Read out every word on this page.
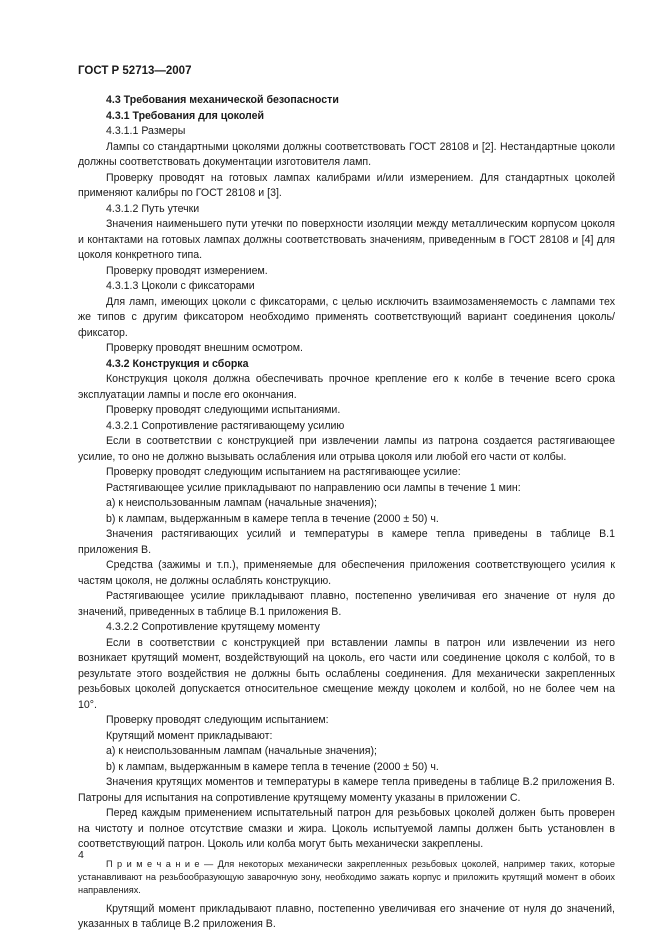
ГОСТ Р 52713—2007

4.3 Требования механической безопасности

4.3.1 Требования для цоколей

4.3.1.1 Размеры

Лампы со стандартными цоколями должны соответствовать ГОСТ 28108 и [2]. Нестандартные цоколи должны соответствовать документации изготовителя ламп.

Проверку проводят на готовых лампах калибрами и/или измерением. Для стандартных цоколей применяют калибры по ГОСТ 28108 и [3].

4.3.1.2 Путь утечки

Значения наименьшего пути утечки по поверхности изоляции между металлическим корпусом цоколя и контактами на готовых лампах должны соответствовать значениям, приведенным в ГОСТ 28108 и [4] для цоколя конкретного типа.

Проверку проводят измерением.

4.3.1.3 Цоколи с фиксаторами

Для ламп, имеющих цоколи с фиксаторами, с целью исключить взаимозаменяемость с лампами тех же типов с другим фиксатором необходимо применять соответствующий вариант соединения цоколь/фиксатор.

Проверку проводят внешним осмотром.

4.3.2 Конструкция и сборка

Конструкция цоколя должна обеспечивать прочное крепление его к колбе в течение всего срока эксплуатации лампы и после его окончания.

Проверку проводят следующими испытаниями.

4.3.2.1 Сопротивление растягивающему усилию

Если в соответствии с конструкцией при извлечении лампы из патрона создается растягивающее усилие, то оно не должно вызывать ослабления или отрыва цоколя или любой его части от колбы.

Проверку проводят следующим испытанием на растягивающее усилие:

Растягивающее усилие прикладывают по направлению оси лампы в течение 1 мин:

a) к неиспользованным лампам (начальные значения);

b) к лампам, выдержанным в камере тепла в течение (2000 ± 50) ч.

Значения растягивающих усилий и температуры в камере тепла приведены в таблице В.1 приложения В.

Средства (зажимы и т.п.), применяемые для обеспечения приложения соответствующего усилия к частям цоколя, не должны ослаблять конструкцию.

Растягивающее усилие прикладывают плавно, постепенно увеличивая его значение от нуля до значений, приведенных в таблице В.1 приложения В.

4.3.2.2 Сопротивление крутящему моменту

Если в соответствии с конструкцией при вставлении лампы в патрон или извлечении из него возникает крутящий момент, воздействующий на цоколь, его части или соединение цоколя с колбой, то в результате этого воздействия не должны быть ослаблены соединения. Для механически закрепленных резьбовых цоколей допускается относительное смещение между цоколем и колбой, но не более чем на 10°.

Проверку проводят следующим испытанием:

Крутящий момент прикладывают:

a) к неиспользованным лампам (начальные значения);

b) к лампам, выдержанным в камере тепла в течение (2000 ± 50) ч.

Значения крутящих моментов и температуры в камере тепла приведены в таблице В.2 приложения В. Патроны для испытания на сопротивление крутящему моменту указаны в приложении С.

Перед каждым применением испытательный патрон для резьбовых цоколей должен быть проверен на чистоту и полное отсутствие смазки и жира. Цоколь испытуемой лампы должен быть установлен в соответствующий патрон. Цоколь или колба могут быть механически закреплены.

П р и м е ч а н и е — Для некоторых механически закрепленных резьбовых цоколей, например таких, которые устанавливают на резьбообразующую заварочную зону, необходимо зажать корпус и приложить крутящий момент в обоих направлениях.

Крутящий момент прикладывают плавно, постепенно увеличивая его значение от нуля до значений, указанных в таблице В.2 приложения В.

4
